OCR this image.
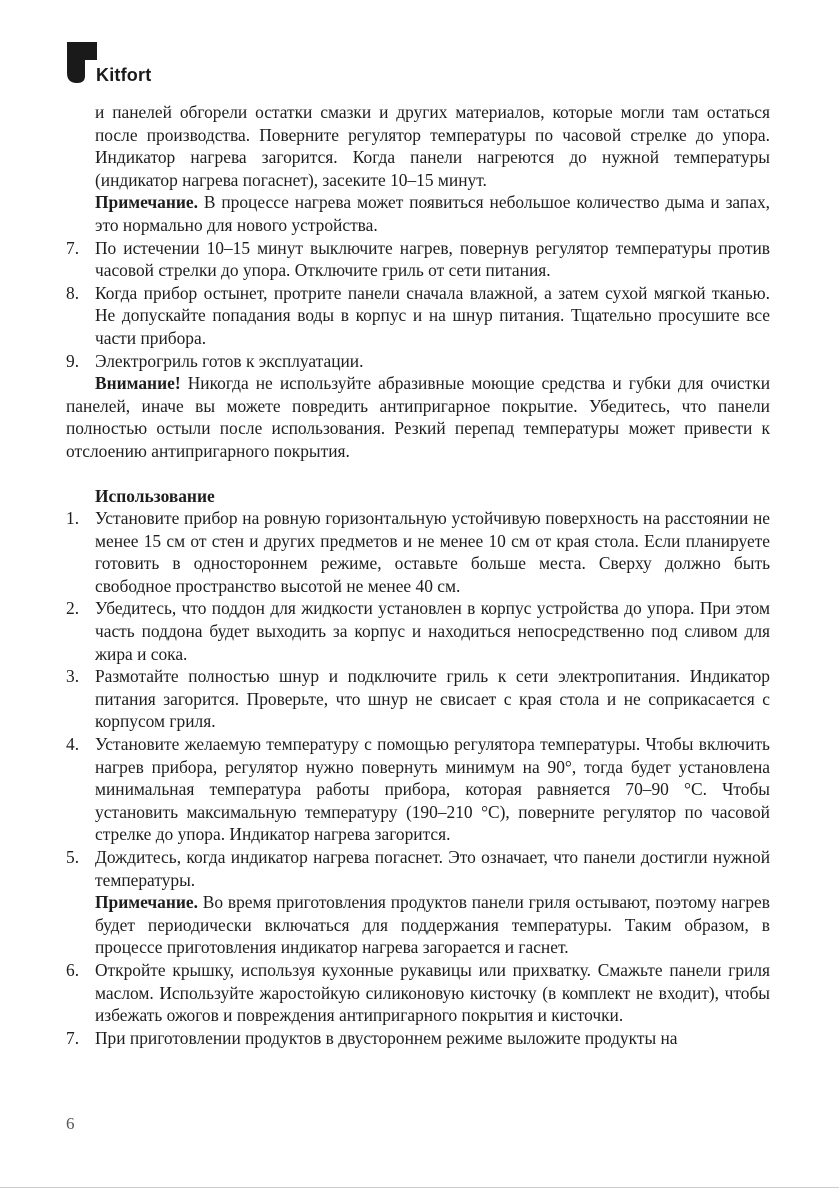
Kitfort

и панелей обгорели остатки смазки и других материалов, которые могли там остаться после производства. Поверните регулятор температуры по часовой стрелке до упора. Индикатор нагрева загорится. Когда панели нагреются до нужной температуры (индикатор нагрева погаснет), засеките 10–15 минут.

Примечание. В процессе нагрева может появиться небольшое количество дыма и запах, это нормально для нового устройства.

7. По истечении 10–15 минут выключите нагрев, повернув регулятор температуры против часовой стрелки до упора. Отключите гриль от сети питания.
8. Когда прибор остынет, протрите панели сначала влажной, а затем сухой мягкой тканью. Не допускайте попадания воды в корпус и на шнур питания. Тщательно просушите все части прибора.
9. Электрогриль готов к эксплуатации.

Внимание! Никогда не используйте абразивные моющие средства и губки для очистки панелей, иначе вы можете повредить антипригарное покрытие. Убедитесь, что панели полностью остыли после использования. Резкий перепад температуры может привести к отслоению антипригарного покрытия.

Использование
1. Установите прибор на ровную горизонтальную устойчивую поверхность на расстоянии не менее 15 см от стен и других предметов и не менее 10 см от края стола. Если планируете готовить в одностороннем режиме, оставьте больше места. Сверху должно быть свободное пространство высотой не менее 40 см.
2. Убедитесь, что поддон для жидкости установлен в корпус устройства до упора. При этом часть поддона будет выходить за корпус и находиться непосредственно под сливом для жира и сока.
3. Размотайте полностью шнур и подключите гриль к сети электропитания. Индикатор питания загорится. Проверьте, что шнур не свисает с края стола и не соприкасается с корпусом гриля.
4. Установите желаемую температуру с помощью регулятора температуры. Чтобы включить нагрев прибора, регулятор нужно повернуть минимум на 90°, тогда будет установлена минимальная температура работы прибора, которая равняется 70–90 °С. Чтобы установить максимальную температуру (190–210 °С), поверните регулятор по часовой стрелке до упора. Индикатор нагрева загорится.
5. Дождитесь, когда индикатор нагрева погаснет. Это означает, что панели достигли нужной температуры.

Примечание. Во время приготовления продуктов панели гриля остывают, поэтому нагрев будет периодически включаться для поддержания температуры. Таким образом, в процессе приготовления индикатор нагрева загорается и гаснет.

6. Откройте крышку, используя кухонные рукавицы или прихватку. Смажьте панели гриля маслом. Используйте жаростойкую силиконовую кисточку (в комплект не входит), чтобы избежать ожогов и повреждения антипригарного покрытия и кисточки.
7. При приготовлении продуктов в двустороннем режиме выложите продукты на
6
